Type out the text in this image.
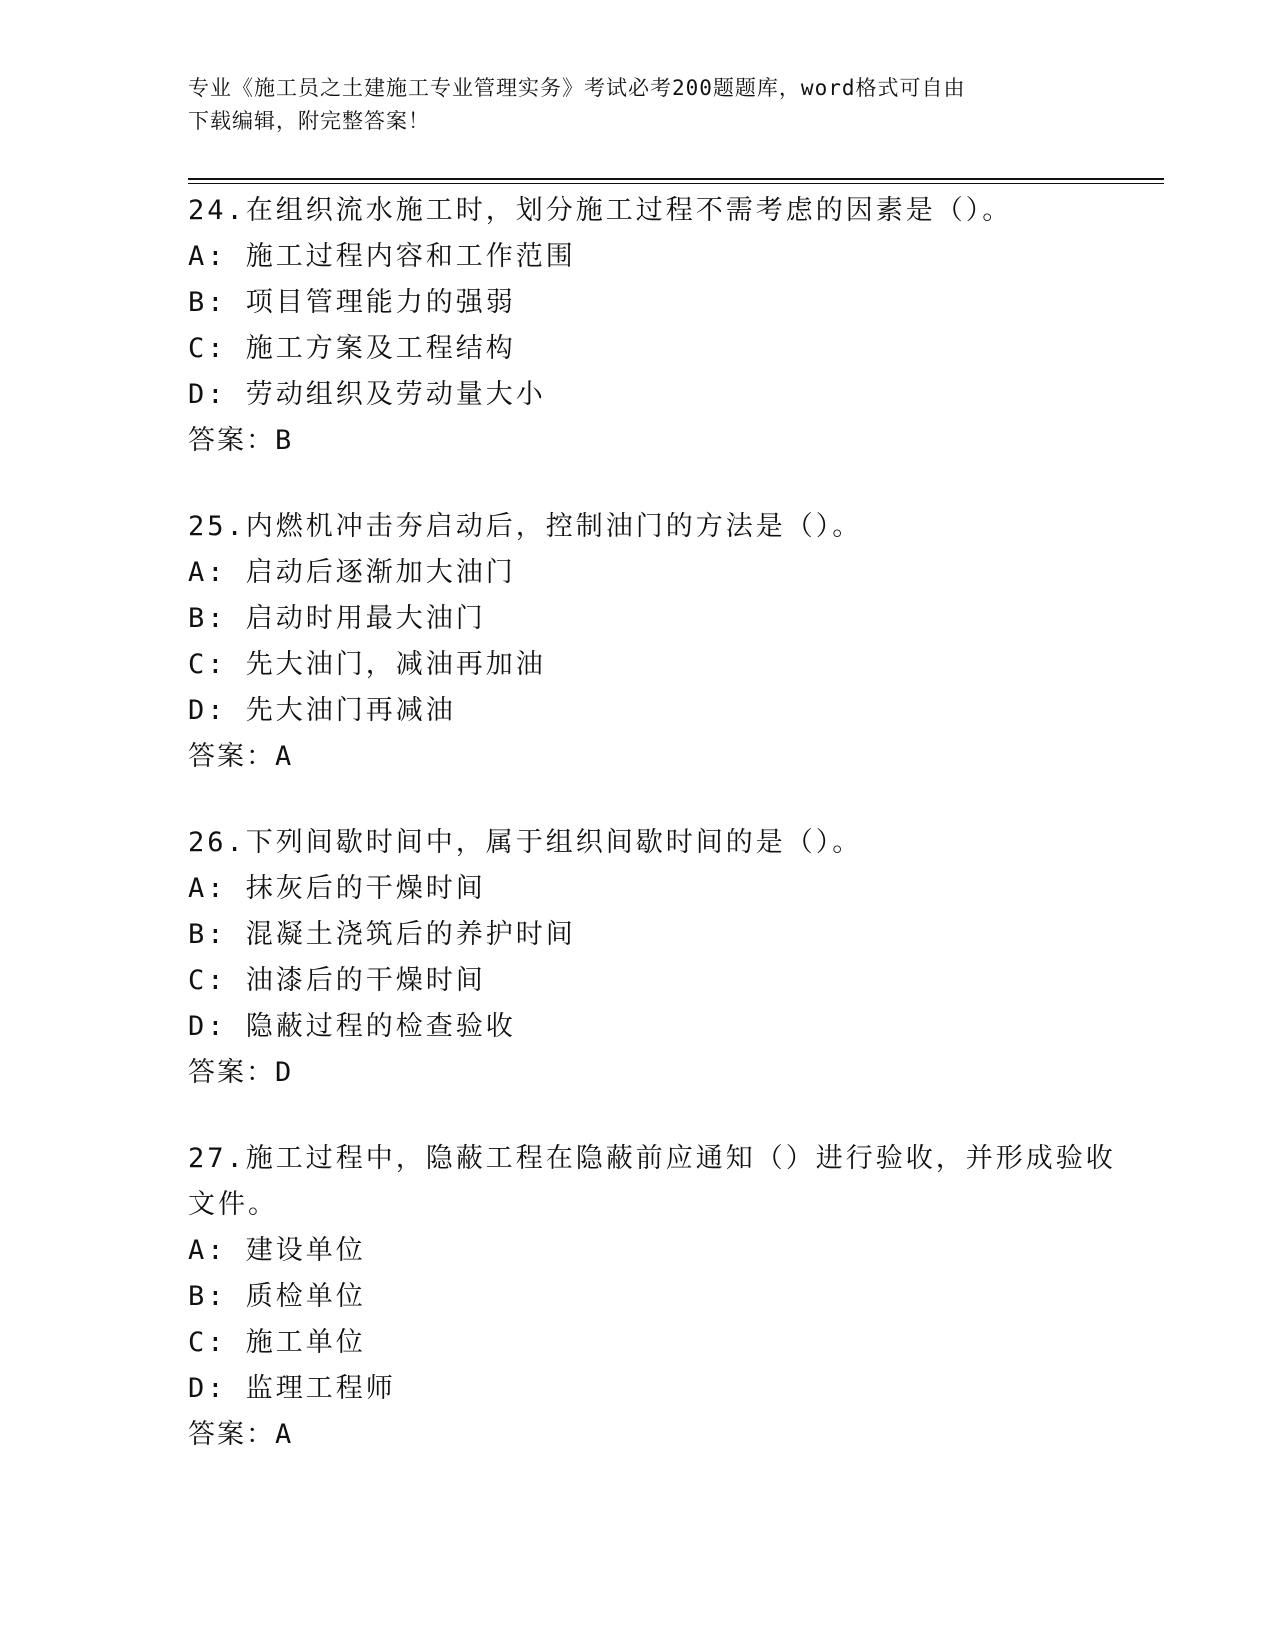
专业《施工员之土建施工专业管理实务》考试必考200题题库，word格式可自由
下载编辑，附完整答案！
24.在组织流水施工时，划分施工过程不需考虑的因素是（）。
A: 施工过程内容和工作范围
B: 项目管理能力的强弱
C: 施工方案及工程结构
D: 劳动组织及劳动量大小
答案：B
25.内燃机冲击夯启动后，控制油门的方法是（）。
A: 启动后逐渐加大油门
B: 启动时用最大油门
C: 先大油门，减油再加油
D: 先大油门再减油
答案：A
26.下列间歇时间中，属于组织间歇时间的是（）。
A: 抹灰后的干燥时间
B: 混凝土浇筑后的养护时间
C: 油漆后的干燥时间
D: 隐蔽过程的检查验收
答案：D
27.施工过程中，隐蔽工程在隐蔽前应通知（）进行验收，并形成验收
文件。
A: 建设单位
B: 质检单位
C: 施工单位
D: 监理工程师
答案：A
